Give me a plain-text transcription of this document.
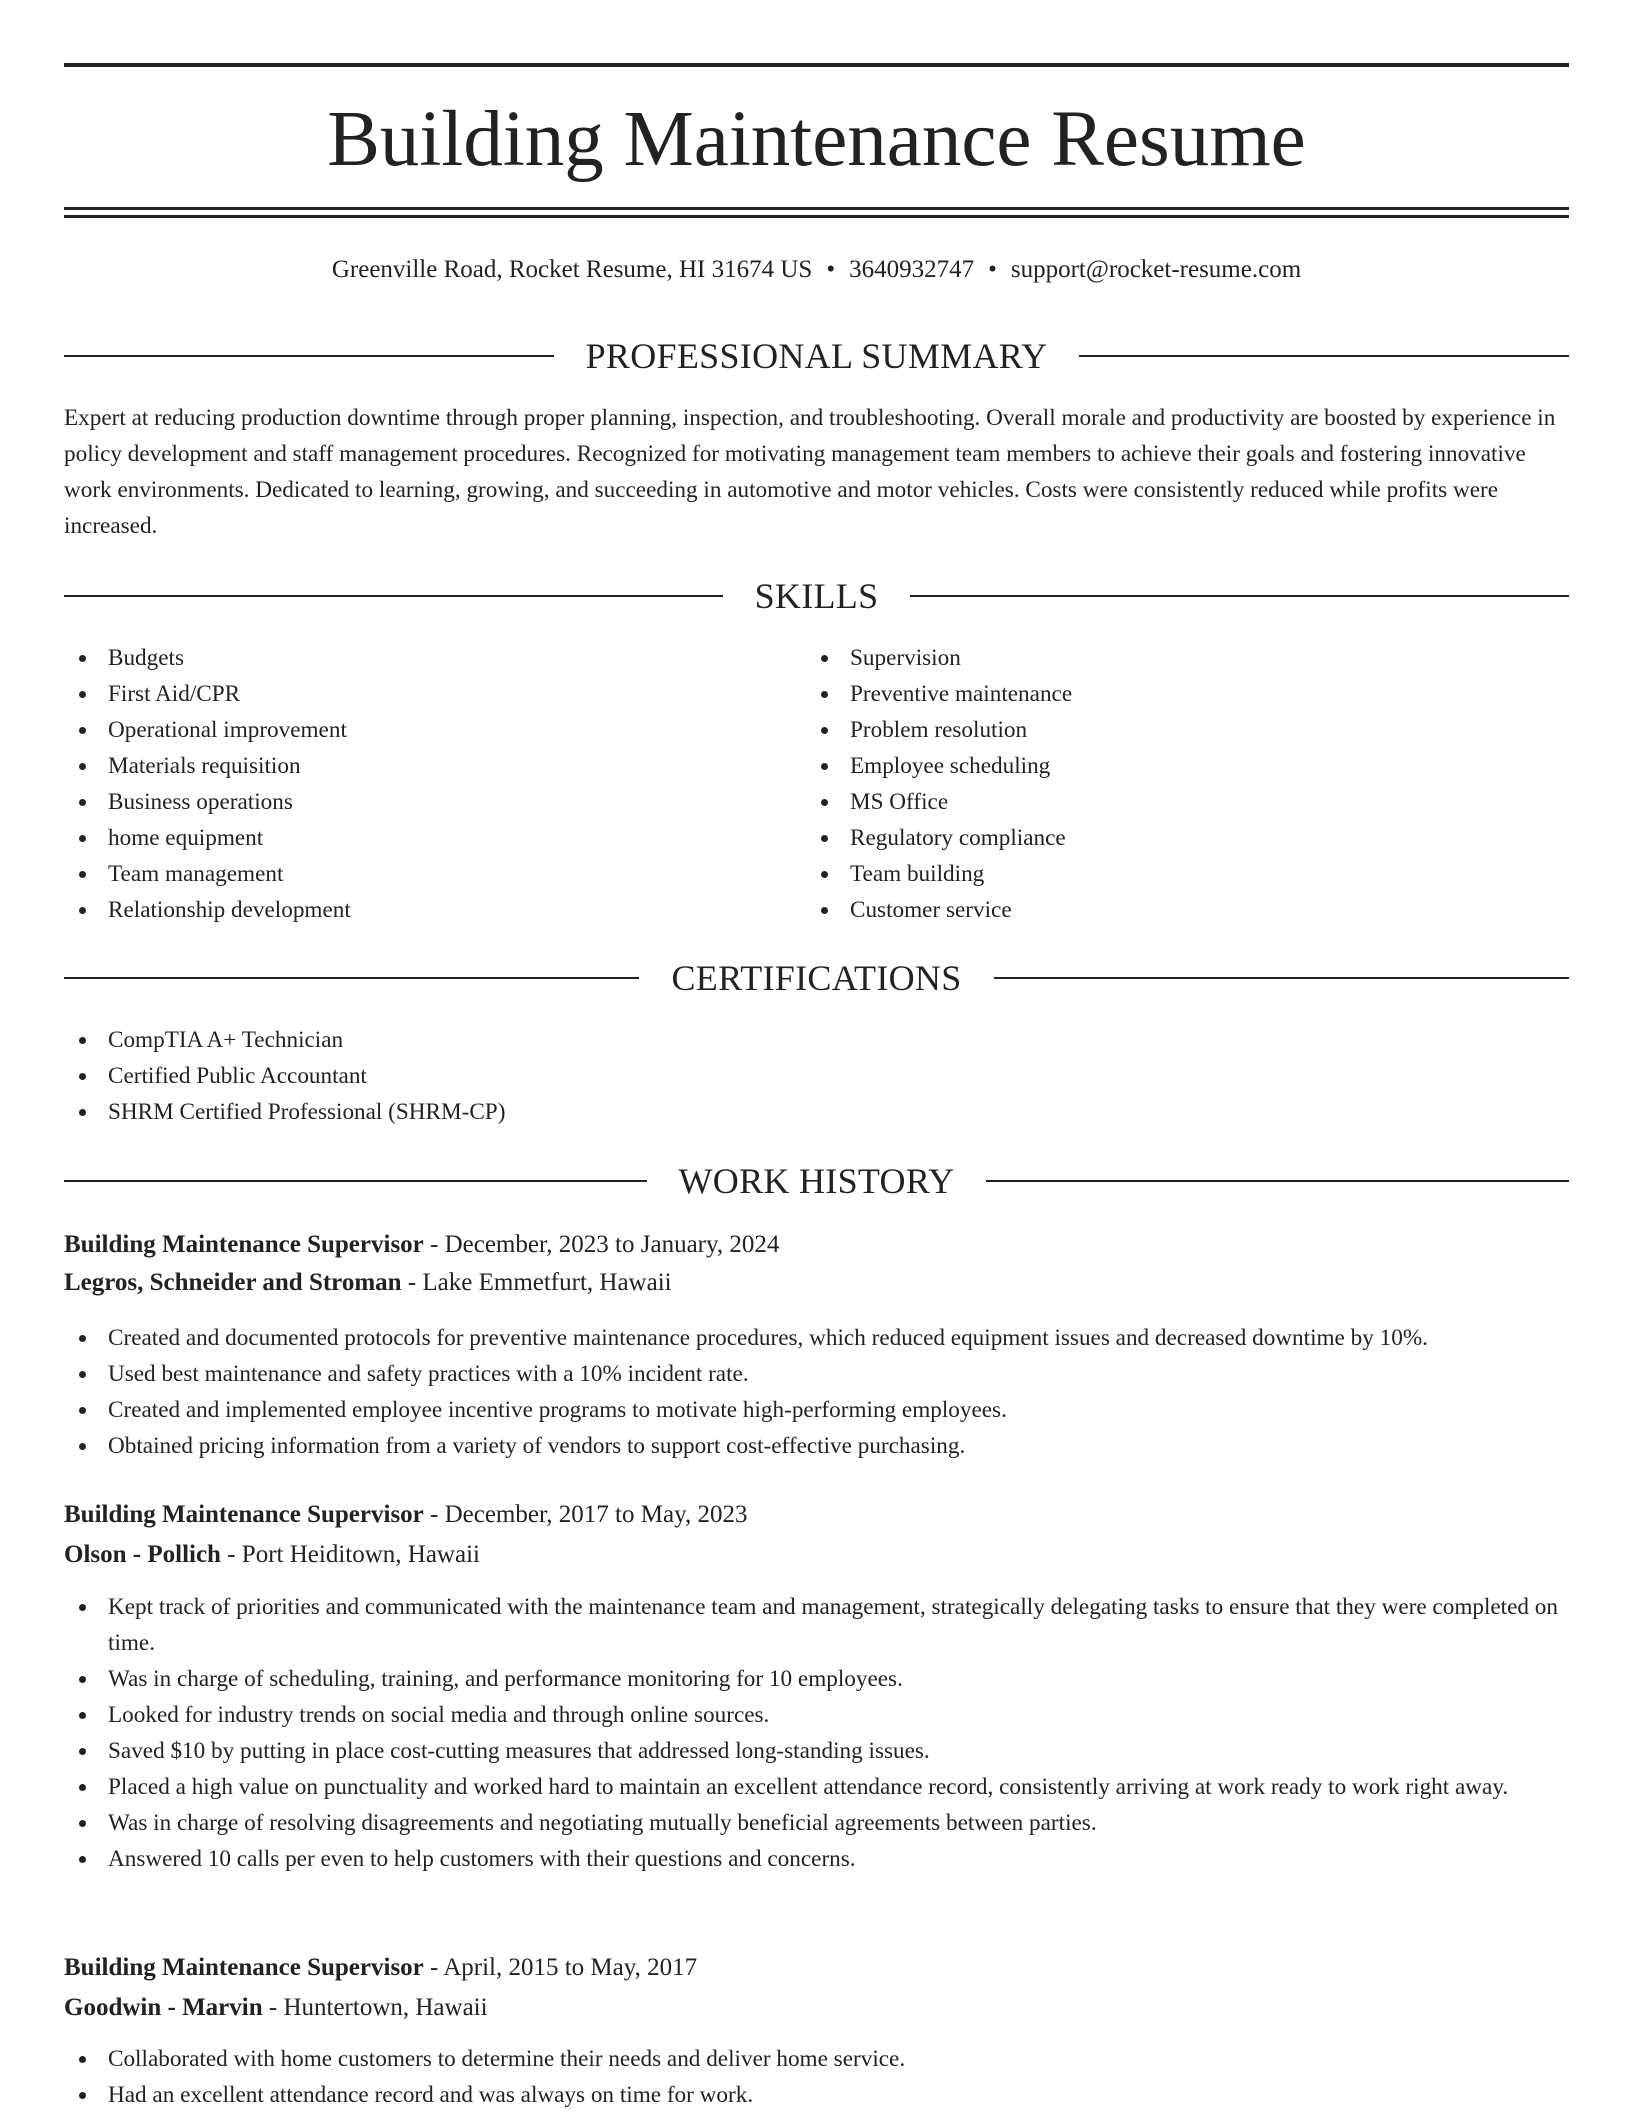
Building Maintenance Resume
Greenville Road, Rocket Resume, HI 31674 US • 3640932747 • support@rocket-resume.com
PROFESSIONAL SUMMARY
Expert at reducing production downtime through proper planning, inspection, and troubleshooting. Overall morale and productivity are boosted by experience in policy development and staff management procedures. Recognized for motivating management team members to achieve their goals and fostering innovative work environments. Dedicated to learning, growing, and succeeding in automotive and motor vehicles. Costs were consistently reduced while profits were increased.
SKILLS
Budgets
First Aid/CPR
Operational improvement
Materials requisition
Business operations
home equipment
Team management
Relationship development
Supervision
Preventive maintenance
Problem resolution
Employee scheduling
MS Office
Regulatory compliance
Team building
Customer service
CERTIFICATIONS
CompTIA A+ Technician
Certified Public Accountant
SHRM Certified Professional (SHRM-CP)
WORK HISTORY
Building Maintenance Supervisor - December, 2023 to January, 2024
Legros, Schneider and Stroman - Lake Emmetfurt, Hawaii
Created and documented protocols for preventive maintenance procedures, which reduced equipment issues and decreased downtime by 10%.
Used best maintenance and safety practices with a 10% incident rate.
Created and implemented employee incentive programs to motivate high-performing employees.
Obtained pricing information from a variety of vendors to support cost-effective purchasing.
Building Maintenance Supervisor - December, 2017 to May, 2023
Olson - Pollich - Port Heiditown, Hawaii
Kept track of priorities and communicated with the maintenance team and management, strategically delegating tasks to ensure that they were completed on time.
Was in charge of scheduling, training, and performance monitoring for 10 employees.
Looked for industry trends on social media and through online sources.
Saved $10 by putting in place cost-cutting measures that addressed long-standing issues.
Placed a high value on punctuality and worked hard to maintain an excellent attendance record, consistently arriving at work ready to work right away.
Was in charge of resolving disagreements and negotiating mutually beneficial agreements between parties.
Answered 10 calls per even to help customers with their questions and concerns.
Building Maintenance Supervisor - April, 2015 to May, 2017
Goodwin - Marvin - Huntertown, Hawaii
Collaborated with home customers to determine their needs and deliver home service.
Had an excellent attendance record and was always on time for work.
